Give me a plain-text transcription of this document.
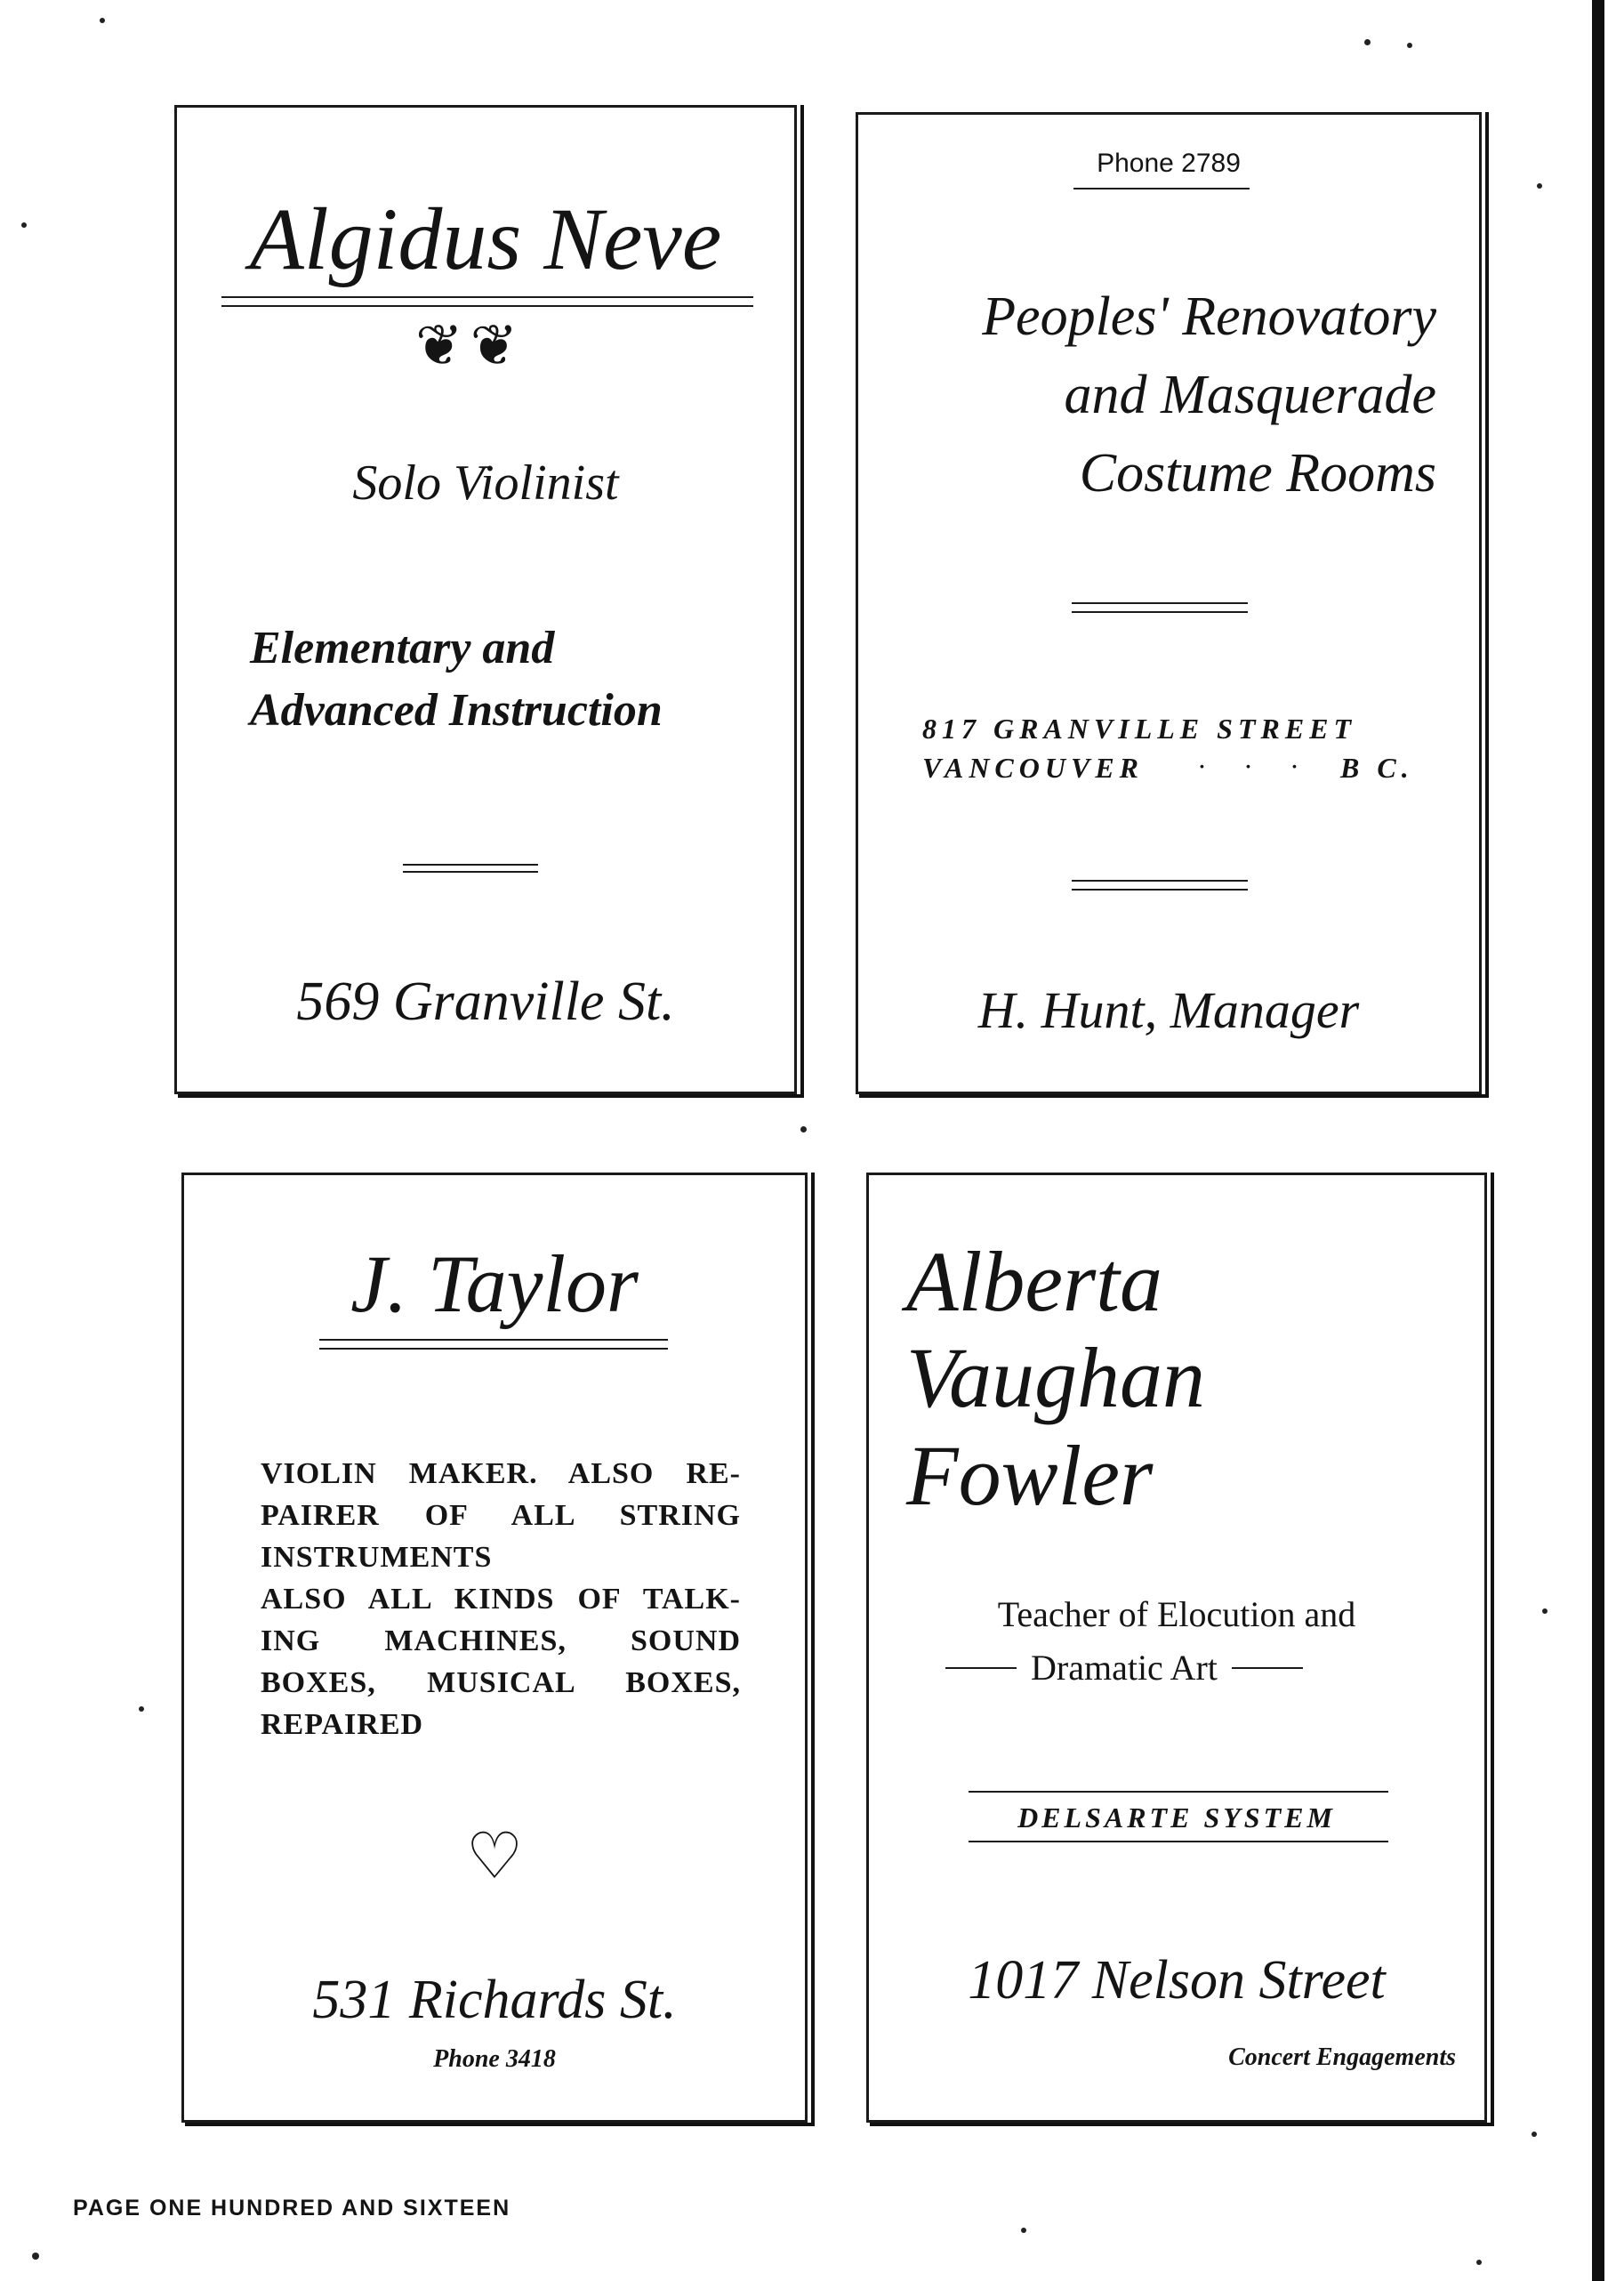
Algidus Neve
❦❦
Solo Violinist
Elementary and
Advanced Instruction
569 Granville St.
Phone 2789
Peoples' Renovatory
and Masquerade
Costume Rooms
817 GRANVILLE STREET
VANCOUVER · · · B C.
H. Hunt, Manager
J. Taylor
VIOLIN MAKER. ALSO RE-
PAIRER OF ALL STRING
INSTRUMENTS
ALSO ALL KINDS OF TALK-
ING MACHINES, SOUND
BOXES, MUSICAL BOXES,
REPAIRED
♡
531 Richards St.
Phone 3418
Alberta
Vaughan
Fowler
Teacher of Elocution and
Dramatic Art
DELSARTE SYSTEM
1017 Nelson Street
Concert Engagements
PAGE ONE HUNDRED AND SIXTEEN
